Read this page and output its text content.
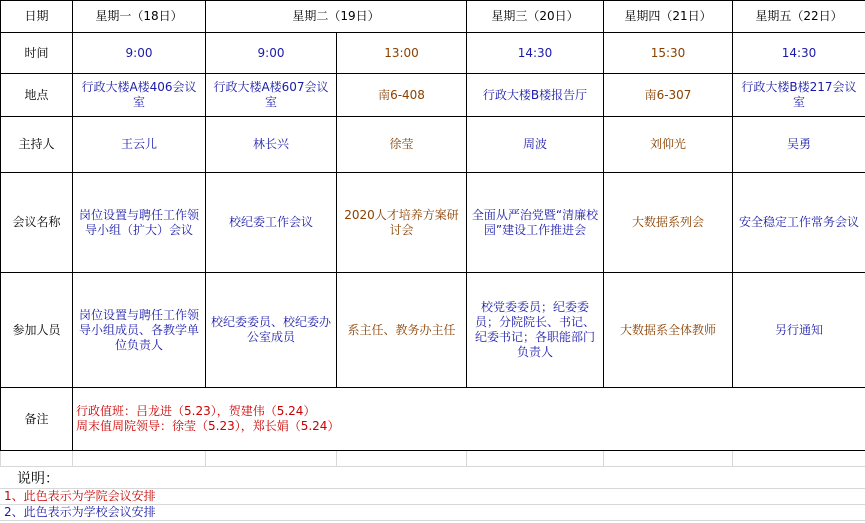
日期	星期一（18日）	星期二（19日）		星期三（20日）	星期四（21日）	星期五（22日）
时间	9:00	9:00	13:00	14:30	15:30	14:30
地点	行政大楼A楼406会议室	行政大楼A楼607会议室	南6-408	行政大楼B楼报告厅	南6-307	行政大楼B楼217会议室
主持人	王云儿	林长兴	徐莹	周波	刘仰光	吴勇
会议名称	岗位设置与聘任工作领导小组（扩大）会议	校纪委工作会议	2020人才培养方案研讨会	全面从严治党暨“清廉校园”建设工作推进会	大数据系列会	安全稳定工作常务会议
参加人员	岗位设置与聘任工作领导小组成员、各教学单位负责人	校纪委委员、校纪委办公室成员	系主任、教务办主任	校党委委员；纪委委员；分院院长、书记、纪委书记；各职能部门负责人	大数据系全体教师	另行通知
备注	行政值班：吕龙进（5.23），贺建伟（5.24）
周末值周院领导：徐莹（5.23），郑长娟（5.24）					

说明：
1、此色表示为学院会议安排
2、此色表示为学校会议安排
